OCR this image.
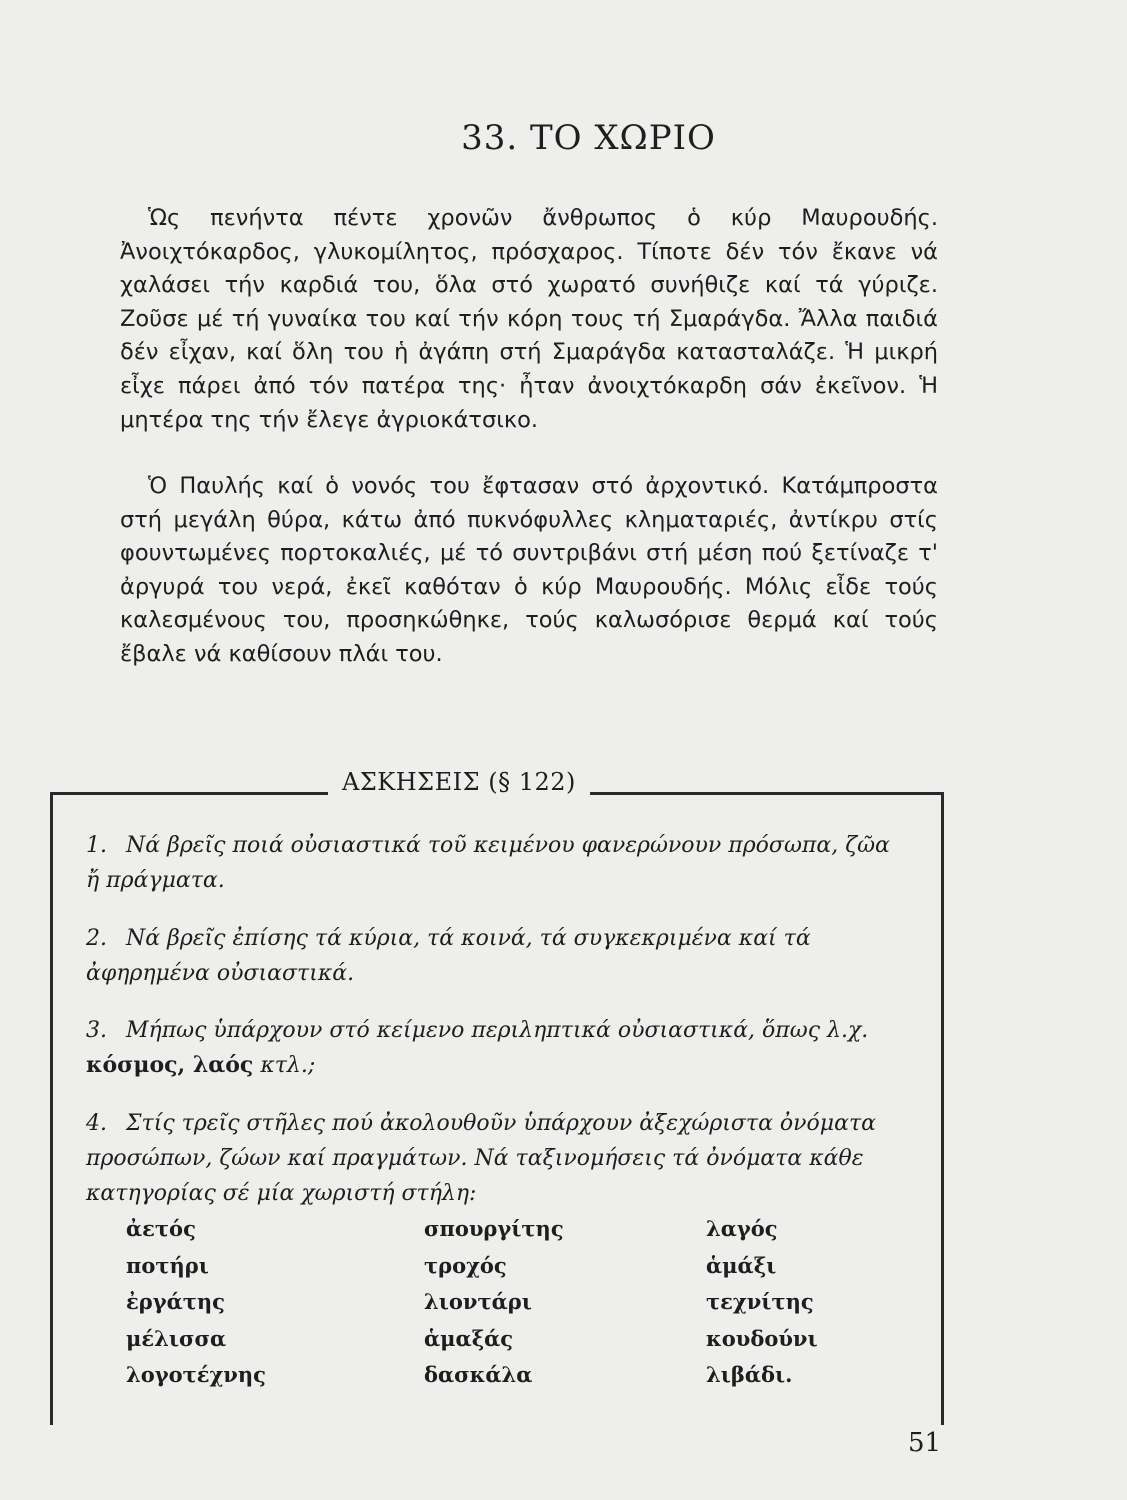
33. ΤΟ ΧΩΡΙΟ

Ὡς πενήντα πέντε χρονῶν ἄνθρωπος ὁ κύρ Μαυρουδής. Ἀνοιχτόκαρδος, γλυκομίλητος, πρόσχαρος. Τίποτε δέν τόν ἔκανε νά χαλάσει τήν καρδιά του, ὅλα στό χωρατό συνήθιζε καί τά γύριζε. Ζοῦσε μέ τή γυναίκα του καί τήν κόρη τους τή Σμαράγδα. Ἄλλα παιδιά δέν εἶχαν, καί ὅλη του ἡ ἀγάπη στή Σμαράγδα κατασταλάζε. Ἡ μικρή εἶχε πάρει ἀπό τόν πατέρα της· ἦταν ἀνοιχτόκαρδη σάν ἐκεῖνον. Ἡ μητέρα της τήν ἔλεγε ἀγριοκάτσικο.

Ὁ Παυλής καί ὁ νονός του ἔφτασαν στό ἀρχοντικό. Κατάμπροστα στή μεγάλη θύρα, κάτω ἀπό πυκνόφυλλες κληματαριές, ἀντίκρυ στίς φουντωμένες πορτοκαλιές, μέ τό συντριβάνι στή μέση πού ξετίναζε τ' ἀργυρά του νερά, ἐκεῖ καθόταν ὁ κύρ Μαυρουδής. Μόλις εἶδε τούς καλεσμένους του, προσηκώθηκε, τούς καλωσόρισε θερμά καί τούς ἔβαλε νά καθίσουν πλάι του.

ΑΣΚΗΣΕΙΣ (§ 122)
1. Νά βρεῖς ποιά οὐσιαστικά τοῦ κειμένου φανερώνουν πρόσωπα, ζῶα ἤ πράγματα.
2. Νά βρεῖς ἐπίσης τά κύρια, τά κοινά, τά συγκεκριμένα καί τά ἀφηρημένα οὐσιαστικά.
3. Μήπως ὑπάρχουν στό κείμενο περιληπτικά οὐσιαστικά, ὅπως λ.χ. κόσμος, λαός κτλ.;
4. Στίς τρεῖς στῆλες πού ἀκολουθοῦν ὑπάρχουν ἀξεχώριστα ὀνόματα προσώπων, ζώων καί πραγμάτων. Νά ταξινομήσεις τά ὀνόματα κάθε κατηγορίας σέ μία χωριστή στήλη:
ἀετός	σπουργίτης	λαγός
ποτήρι	τροχός	ἁμάξι
ἐργάτης	λιοντάρι	τεχνίτης
μέλισσα	ἁμαξάς	κουδούνι
λογοτέχνης	δασκάλα	λιβάδι.
51
